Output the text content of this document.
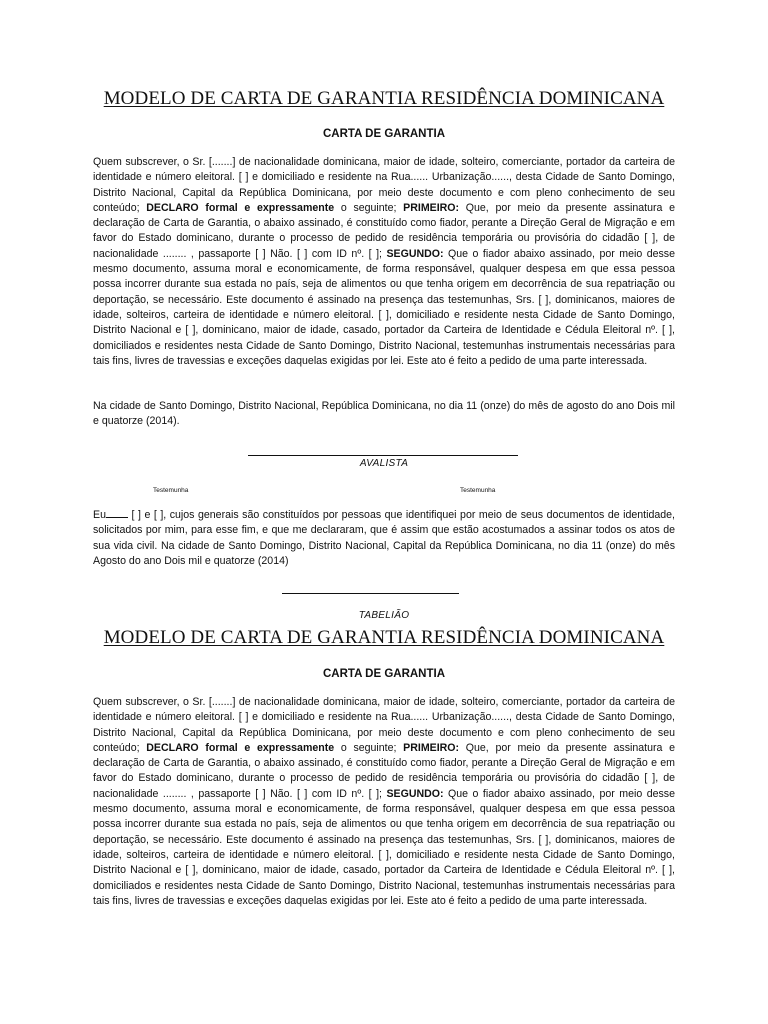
MODELO DE CARTA DE GARANTIA RESIDÊNCIA DOMINICANA
CARTA DE GARANTIA

Quem subscrever, o Sr. [.......] de nacionalidade dominicana, maior de idade, solteiro, comerciante, portador da carteira de identidade e número eleitoral. [ ] e domiciliado e residente na Rua...... Urbanização......, desta Cidade de Santo Domingo, Distrito Nacional, Capital da República Dominicana, por meio deste documento e com pleno conhecimento de seu conteúdo; DECLARO formal e expressamente o seguinte; PRIMEIRO: Que, por meio da presente assinatura e declaração de Carta de Garantia, o abaixo assinado, é constituído como fiador, perante a Direção Geral de Migração e em favor do Estado dominicano, durante o processo de pedido de residência temporária ou provisória do cidadão [ ], de nacionalidade ........ , passaporte [ ] Não. [ ] com ID nº. [ ]; SEGUNDO: Que o fiador abaixo assinado, por meio desse mesmo documento, assuma moral e economicamente, de forma responsável, qualquer despesa em que essa pessoa possa incorrer durante sua estada no país, seja de alimentos ou que tenha origem em decorrência de sua repatriação ou deportação, se necessário. Este documento é assinado na presença das testemunhas, Srs. [ ], dominicanos, maiores de idade, solteiros, carteira de identidade e número eleitoral. [ ], domiciliado e residente nesta Cidade de Santo Domingo, Distrito Nacional e [ ], dominicano, maior de idade, casado, portador da Carteira de Identidade e Cédula Eleitoral nº. [ ], domiciliados e residentes nesta Cidade de Santo Domingo, Distrito Nacional, testemunhas instrumentais necessárias para tais fins, livres de travessias e exceções daquelas exigidas por lei. Este ato é feito a pedido de uma parte interessada.

Na cidade de Santo Domingo, Distrito Nacional, República Dominicana, no dia 11 (onze) do mês de agosto do ano Dois mil e quatorze (2014).

AVALISTA
Testemunha	Testemunha

Eu [ ] e [ ], cujos generais são constituídos por pessoas que identifiquei por meio de seus documentos de identidade, solicitados por mim, para esse fim, e que me declararam, que é assim que estão acostumados a assinar todos os atos de sua vida civil. Na cidade de Santo Domingo, Distrito Nacional, Capital da República Dominicana, no dia 11 (onze) do mês Agosto do ano Dois mil e quatorze (2014)

TABELIÃO
MODELO DE CARTA DE GARANTIA RESIDÊNCIA DOMINICANA
CARTA DE GARANTIA

Quem subscrever, o Sr. [.......] de nacionalidade dominicana, maior de idade, solteiro, comerciante, portador da carteira de identidade e número eleitoral. [ ] e domiciliado e residente na Rua...... Urbanização......, desta Cidade de Santo Domingo, Distrito Nacional, Capital da República Dominicana, por meio deste documento e com pleno conhecimento de seu conteúdo; DECLARO formal e expressamente o seguinte; PRIMEIRO: Que, por meio da presente assinatura e declaração de Carta de Garantia, o abaixo assinado, é constituído como fiador, perante a Direção Geral de Migração e em favor do Estado dominicano, durante o processo de pedido de residência temporária ou provisória do cidadão [ ], de nacionalidade ........ , passaporte [ ] Não. [ ] com ID nº. [ ]; SEGUNDO: Que o fiador abaixo assinado, por meio desse mesmo documento, assuma moral e economicamente, de forma responsável, qualquer despesa em que essa pessoa possa incorrer durante sua estada no país, seja de alimentos ou que tenha origem em decorrência de sua repatriação ou deportação, se necessário. Este documento é assinado na presença das testemunhas, Srs. [ ], dominicanos, maiores de idade, solteiros, carteira de identidade e número eleitoral. [ ], domiciliado e residente nesta Cidade de Santo Domingo, Distrito Nacional e [ ], dominicano, maior de idade, casado, portador da Carteira de Identidade e Cédula Eleitoral nº. [ ], domiciliados e residentes nesta Cidade de Santo Domingo, Distrito Nacional, testemunhas instrumentais necessárias para tais fins, livres de travessias e exceções daquelas exigidas por lei. Este ato é feito a pedido de uma parte interessada.
